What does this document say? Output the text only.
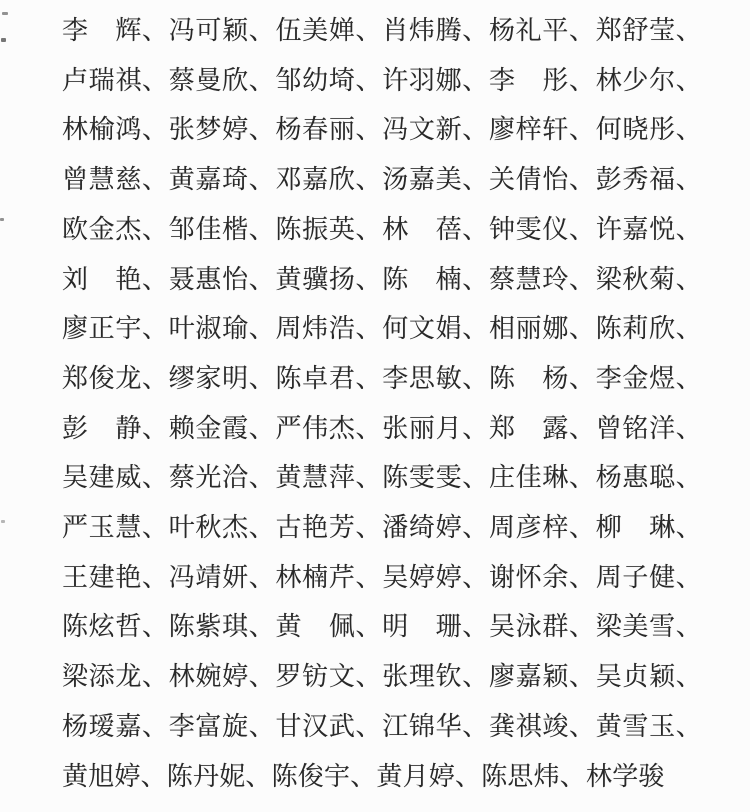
李　辉、冯可颖、伍美婵、肖炜腾、杨礼平、郑舒莹、
卢瑞祺、蔡曼欣、邹幼埼、许羽娜、李　彤、林少尔、
林榆鸿、张梦婷、杨春丽、冯文新、廖梓轩、何晓彤、
曾慧慈、黄嘉琦、邓嘉欣、汤嘉美、关倩怡、彭秀福、
欧金杰、邹佳楷、陈振英、林　蓓、钟雯仪、许嘉悦、
刘　艳、聂惠怡、黄骥扬、陈　楠、蔡慧玲、梁秋菊、
廖正宇、叶淑瑜、周炜浩、何文娟、相丽娜、陈莉欣、
郑俊龙、缪家明、陈卓君、李思敏、陈　杨、李金煜、
彭　静、赖金霞、严伟杰、张丽月、郑　露、曾铭洋、
吴建威、蔡光洽、黄慧萍、陈雯雯、庄佳琳、杨惠聪、
严玉慧、叶秋杰、古艳芳、潘绮婷、周彦梓、柳　琳、
王建艳、冯靖妍、林楠芹、吴婷婷、谢怀余、周子健、
陈炫哲、陈紫琪、黄　佩、明　珊、吴泳群、梁美雪、
梁添龙、林婉婷、罗钫文、张理钦、廖嘉颖、吴贞颖、
杨瑷嘉、李富旋、甘汉武、江锦华、龚祺竣、黄雪玉、
黄旭婷、陈丹妮、陈俊宇、黄月婷、陈思炜、林学骏
